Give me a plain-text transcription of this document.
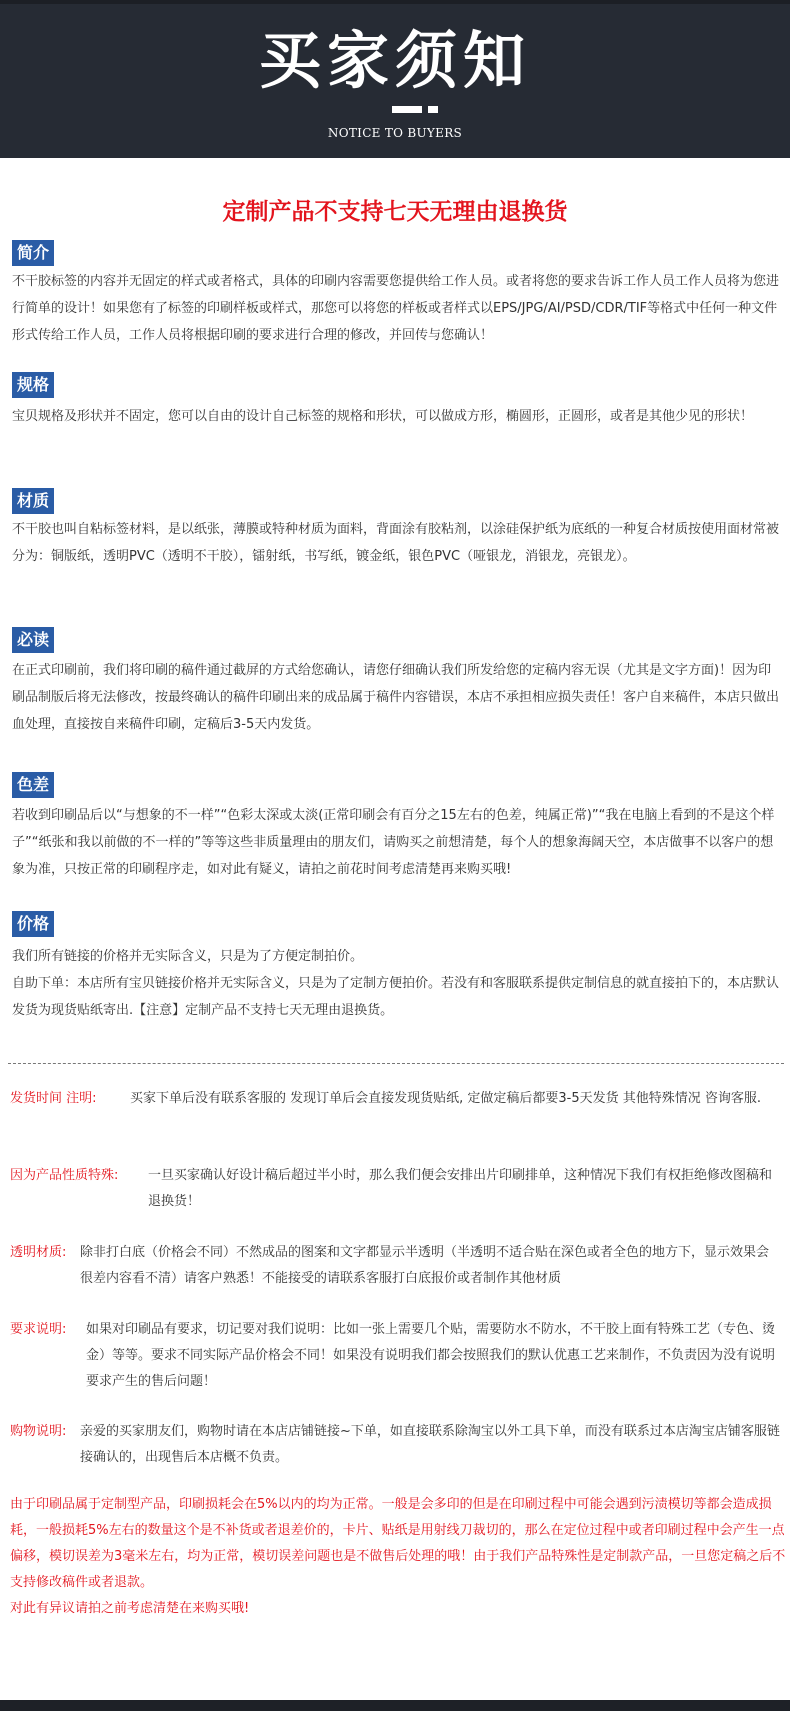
买家须知
NOTICE TO BUYERS
定制产品不支持七天无理由退换货
简介
不干胶标签的内容并无固定的样式或者格式，具体的印刷内容需要您提供给工作人员。或者将您的要求告诉工作人员工作人员将为您进行简单的设计！如果您有了标签的印刷样板或样式，那您可以将您的样板或者样式以EPS/JPG/AI/PSD/CDR/TIF等格式中任何一种文件形式传给工作人员，工作人员将根据印刷的要求进行合理的修改，并回传与您确认！
规格
宝贝规格及形状并不固定，您可以自由的设计自己标签的规格和形状，可以做成方形，椭圆形，正圆形，或者是其他少见的形状！
材质
不干胶也叫自粘标签材料，是以纸张，薄膜或特种材质为面料，背面涂有胶粘剂，以涂硅保护纸为底纸的一种复合材质按使用面材常被分为：铜版纸，透明PVC（透明不干胶），镭射纸，书写纸，镀金纸，银色PVC（哑银龙，消银龙，亮银龙）。
必读
在正式印刷前，我们将印刷的稿件通过截屏的方式给您确认，请您仔细确认我们所发给您的定稿内容无误（尤其是文字方面)！因为印刷品制版后将无法修改，按最终确认的稿件印刷出来的成品属于稿件内容错误，本店不承担相应损失责任！客户自来稿件，本店只做出血处理，直接按自来稿件印刷，定稿后3-5天内发货。
色差
若收到印刷品后以“与想象的不一样”“色彩太深或太淡(正常印刷会有百分之15左右的色差，纯属正常)”“我在电脑上看到的不是这个样子”“纸张和我以前做的不一样的”等等这些非质量理由的朋友们，请购买之前想清楚，每个人的想象海阔天空，本店做事不以客户的想象为准，只按正常的印刷程序走，如对此有疑义，请拍之前花时间考虑清楚再来购买哦!
价格
我们所有链接的价格并无实际含义，只是为了方便定制拍价。
自助下单：本店所有宝贝链接价格并无实际含义，只是为了定制方便拍价。若没有和客服联系提供定制信息的就直接拍下的，本店默认发货为现货贴纸寄出.【注意】定制产品不支持七天无理由退换货。
发货时间 注明:	买家下单后没有联系客服的 发现订单后会直接发现货贴纸, 定做定稿后都要3-5天发货 其他特殊情况 咨询客服.
因为产品性质特殊: 一旦买家确认好设计稿后超过半小时，那么我们便会安排出片印刷排单，这种情况下我们有权拒绝修改图稿和退换货！
透明材质: 除非打白底（价格会不同）不然成品的图案和文字都显示半透明（半透明不适合贴在深色或者全色的地方下，显示效果会很差内容看不清）请客户熟悉！不能接受的请联系客服打白底报价或者制作其他材质
要求说明: 如果对印刷品有要求，切记要对我们说明：比如一张上需要几个贴，需要防水不防水，不干胶上面有特殊工艺（专色、烫金）等等。要求不同实际产品价格会不同！如果没有说明我们都会按照我们的默认优惠工艺来制作，不负责因为没有说明要求产生的售后问题！
购物说明: 亲爱的买家朋友们，购物时请在本店店铺链接~下单，如直接联系除淘宝以外工具下单，而没有联系过本店淘宝店铺客服链接确认的，出现售后本店概不负责。
由于印刷品属于定制型产品，印刷损耗会在5%以内的均为正常。一般是会多印的但是在印刷过程中可能会遇到污渍模切等都会造成损耗，一般损耗5%左右的数量这个是不补货或者退差价的，卡片、贴纸是用射线刀裁切的，那么在定位过程中或者印刷过程中会产生一点偏移，模切误差为3毫米左右，均为正常，模切误差问题也是不做售后处理的哦！由于我们产品特殊性是定制款产品，一旦您定稿之后不支持修改稿件或者退款。
对此有异议请拍之前考虑清楚在来购买哦!
